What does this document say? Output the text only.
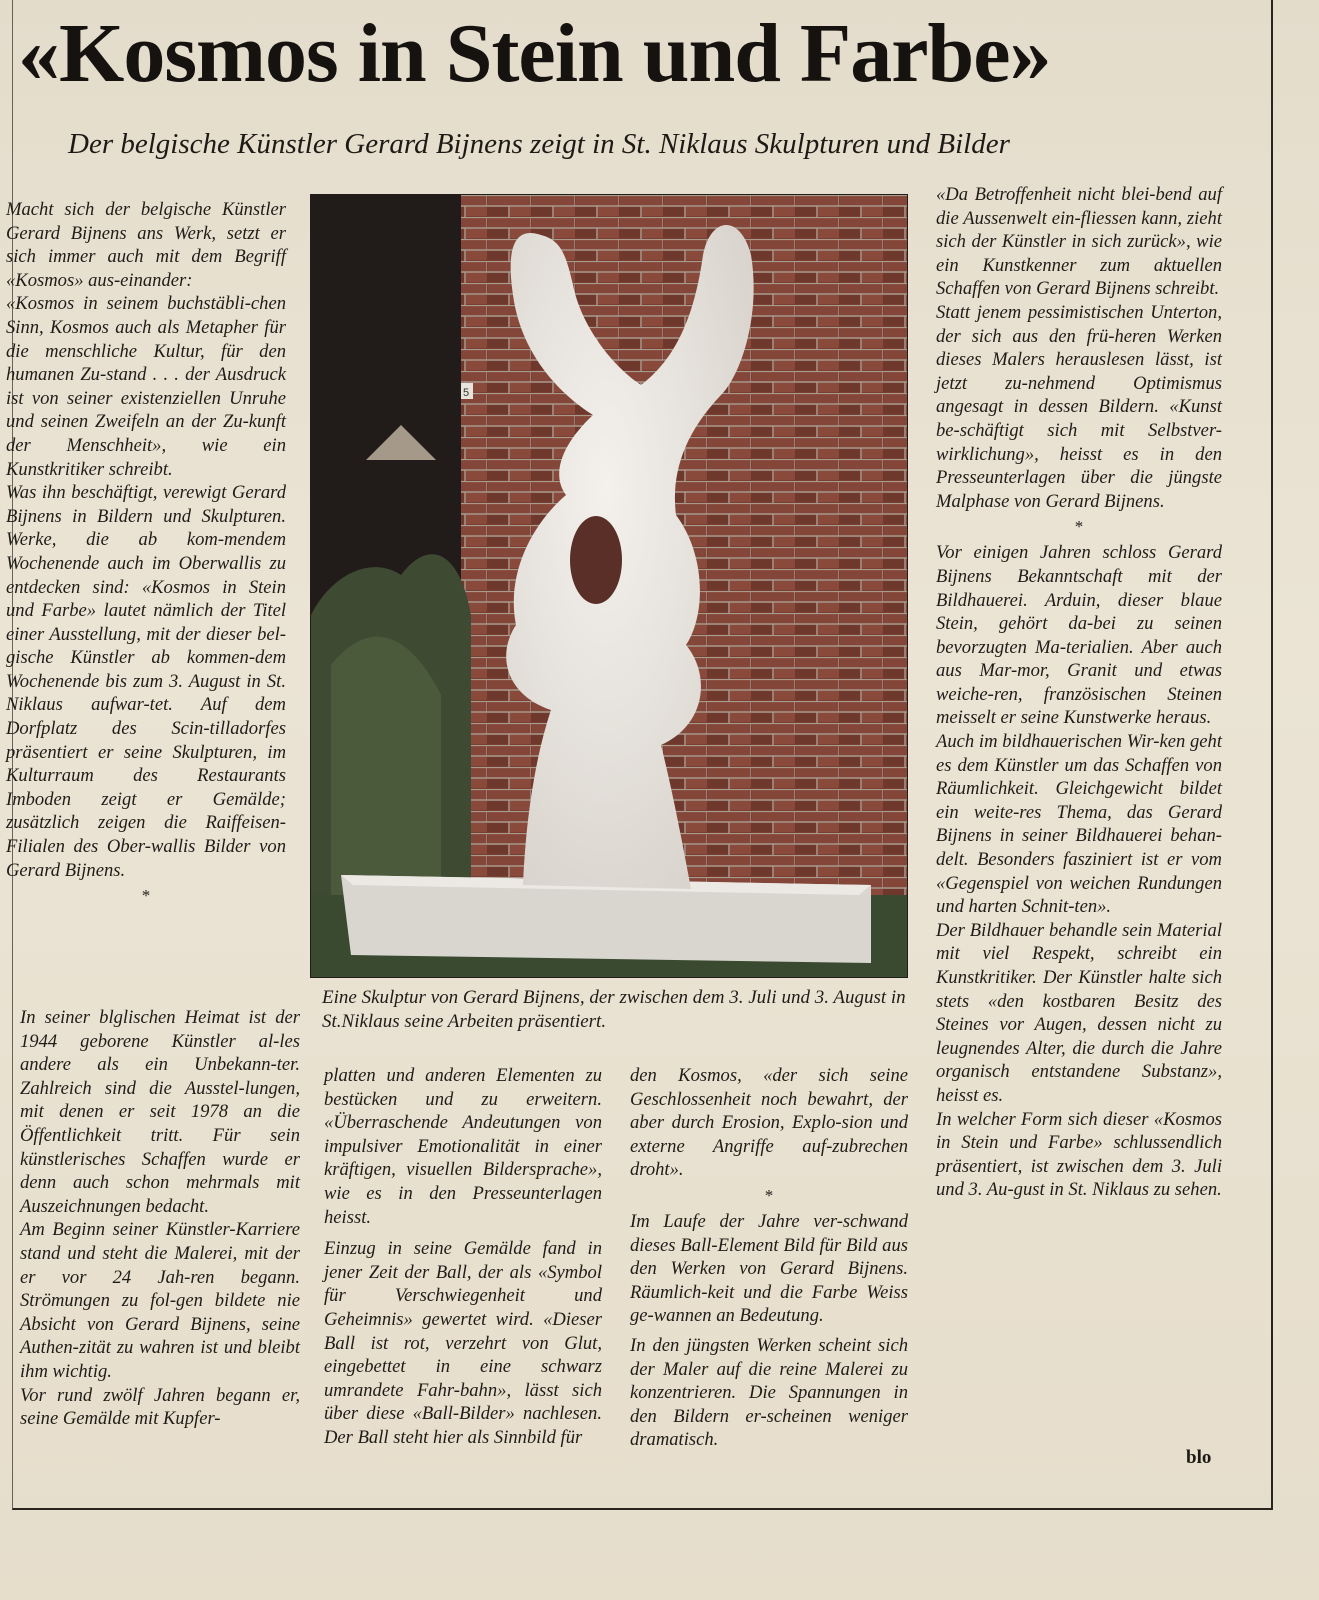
«Kosmos in Stein und Farbe»
Der belgische Künstler Gerard Bijnens zeigt in St. Niklaus Skulpturen und Bilder

Macht sich der belgische Künstler Gerard Bijnens ans Werk, setzt er sich immer auch mit dem Begriff «Kosmos» aus-einander:

«Kosmos in seinem buchstäbli-chen Sinn, Kosmos auch als Metapher für die menschliche Kultur, für den humanen Zu-stand . . . der Ausdruck ist von seiner existenziellen Unruhe und seinen Zweifeln an der Zu-kunft der Menschheit», wie ein Kunstkritiker schreibt.

Was ihn beschäftigt, verewigt Gerard Bijnens in Bildern und Skulpturen. Werke, die ab kom-mendem Wochenende auch im Oberwallis zu entdecken sind: «Kosmos in Stein und Farbe» lautet nämlich der Titel einer Ausstellung, mit der dieser bel-gische Künstler ab kommen-dem Wochenende bis zum 3. August in St. Niklaus aufwar-tet. Auf dem Dorfplatz des Scin-tilladorfes präsentiert er seine Skulpturen, im Kulturraum des Restaurants Imboden zeigt er Gemälde; zusätzlich zeigen die Raiffeisen-Filialen des Ober-wallis Bilder von Gerard Bijnens.

*

In seiner blglischen Heimat ist der 1944 geborene Künstler al-les andere als ein Unbekann-ter. Zahlreich sind die Ausstel-lungen, mit denen er seit 1978 an die Öffentlichkeit tritt. Für sein künstlerisches Schaffen wurde er denn auch schon mehrmals mit Auszeichnungen bedacht.

Am Beginn seiner Künstler-Karriere stand und steht die Malerei, mit der er vor 24 Jah-ren begann. Strömungen zu fol-gen bildete nie Absicht von Gerard Bijnens, seine Authen-zität zu wahren ist und bleibt ihm wichtig.

Vor rund zwölf Jahren begann er, seine Gemälde mit Kupfer-

5
Eine Skulptur von Gerard Bijnens, der zwischen dem 3. Juli und 3. August in St.Niklaus seine Arbeiten präsentiert.

platten und anderen Elementen zu bestücken und zu erweitern. «Überraschende Andeutungen von impulsiver Emotionalität in einer kräftigen, visuellen Bildersprache», wie es in den Presseunterlagen heisst.

Einzug in seine Gemälde fand in jener Zeit der Ball, der als «Symbol für Verschwiegenheit und Geheimnis» gewertet wird. «Dieser Ball ist rot, verzehrt von Glut, eingebettet in eine schwarz umrandete Fahr-bahn», lässt sich über diese «Ball-Bilder» nachlesen. Der Ball steht hier als Sinnbild für

den Kosmos, «der sich seine Geschlossenheit noch bewahrt, der aber durch Erosion, Explo-sion und externe Angriffe auf-zubrechen droht».

*

Im Laufe der Jahre ver-schwand dieses Ball-Element Bild für Bild aus den Werken von Gerard Bijnens. Räumlich-keit und die Farbe Weiss ge-wannen an Bedeutung.

In den jüngsten Werken scheint sich der Maler auf die reine Malerei zu konzentrieren. Die Spannungen in den Bildern er-scheinen weniger dramatisch.

«Da Betroffenheit nicht blei-bend auf die Aussenwelt ein-fliessen kann, zieht sich der Künstler in sich zurück», wie ein Kunstkenner zum aktuellen Schaffen von Gerard Bijnens schreibt.

Statt jenem pessimistischen Unterton, der sich aus den frü-heren Werken dieses Malers herauslesen lässt, ist jetzt zu-nehmend Optimismus angesagt in dessen Bildern. «Kunst be-schäftigt sich mit Selbstver-wirklichung», heisst es in den Presseunterlagen über die jüngste Malphase von Gerard Bijnens.

*

Vor einigen Jahren schloss Gerard Bijnens Bekanntschaft mit der Bildhauerei. Arduin, dieser blaue Stein, gehört da-bei zu seinen bevorzugten Ma-terialien. Aber auch aus Mar-mor, Granit und etwas weiche-ren, französischen Steinen meisselt er seine Kunstwerke heraus.

Auch im bildhauerischen Wir-ken geht es dem Künstler um das Schaffen von Räumlichkeit. Gleichgewicht bildet ein weite-res Thema, das Gerard Bijnens in seiner Bildhauerei behan-delt. Besonders fasziniert ist er vom «Gegenspiel von weichen Rundungen und harten Schnit-ten».

Der Bildhauer behandle sein Material mit viel Respekt, schreibt ein Kunstkritiker. Der Künstler halte sich stets «den kostbaren Besitz des Steines vor Augen, dessen nicht zu leugnendes Alter, die durch die Jahre organisch entstandene Substanz», heisst es.

In welcher Form sich dieser «Kosmos in Stein und Farbe» schlussendlich präsentiert, ist zwischen dem 3. Juli und 3. Au-gust in St. Niklaus zu sehen.

blo
